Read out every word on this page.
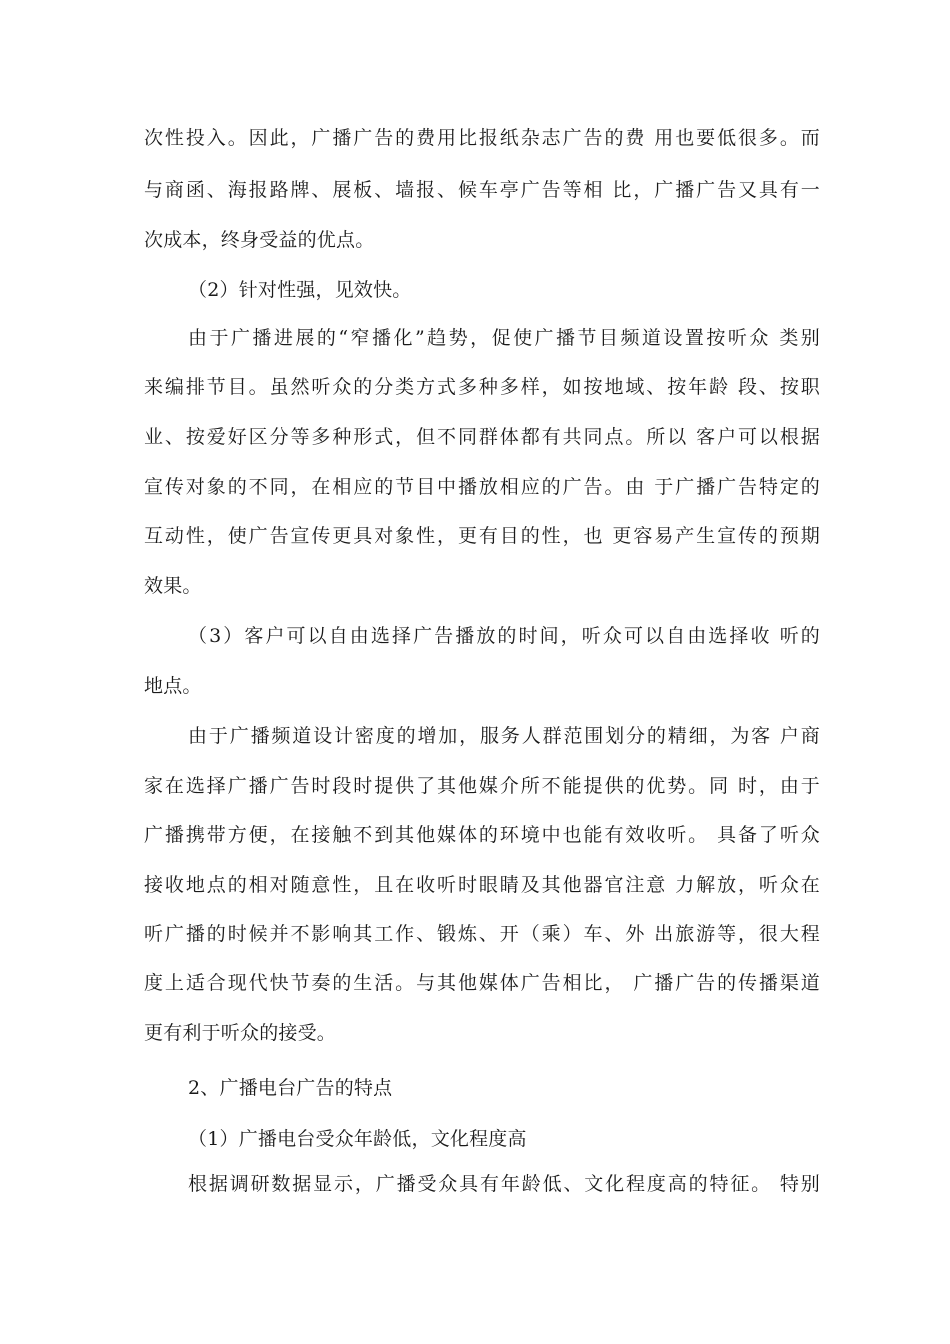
次性投入。因此，广播广告的费用比报纸杂志广告的费 用也要低很多。而
与商函、海报路牌、展板、墙报、候车亭广告等相 比，广播广告又具有一
次成本，终身受益的优点。
（2）针对性强，见效快。
由于广播进展的“窄播化”趋势，促使广播节目频道设置按听众 类别
来编排节目。虽然听众的分类方式多种多样，如按地域、按年龄 段、按职
业、按爱好区分等多种形式，但不同群体都有共同点。所以 客户可以根据
宣传对象的不同，在相应的节目中播放相应的广告。由 于广播广告特定的
互动性，使广告宣传更具对象性，更有目的性，也 更容易产生宣传的预期
效果。
（3）客户可以自由选择广告播放的时间，听众可以自由选择收 听的
地点。
由于广播频道设计密度的增加，服务人群范围划分的精细，为客 户商
家在选择广播广告时段时提供了其他媒介所不能提供的优势。同 时，由于
广播携带方便，在接触不到其他媒体的环境中也能有效收听。 具备了听众
接收地点的相对随意性，且在收听时眼睛及其他器官注意 力解放，听众在
听广播的时候并不影响其工作、锻炼、开（乘）车、外 出旅游等，很大程
度上适合现代快节奏的生活。与其他媒体广告相比， 广播广告的传播渠道
更有利于听众的接受。
2、广播电台广告的特点
（1）广播电台受众年龄低，文化程度高
根据调研数据显示，广播受众具有年龄低、文化程度高的特征。 特别
